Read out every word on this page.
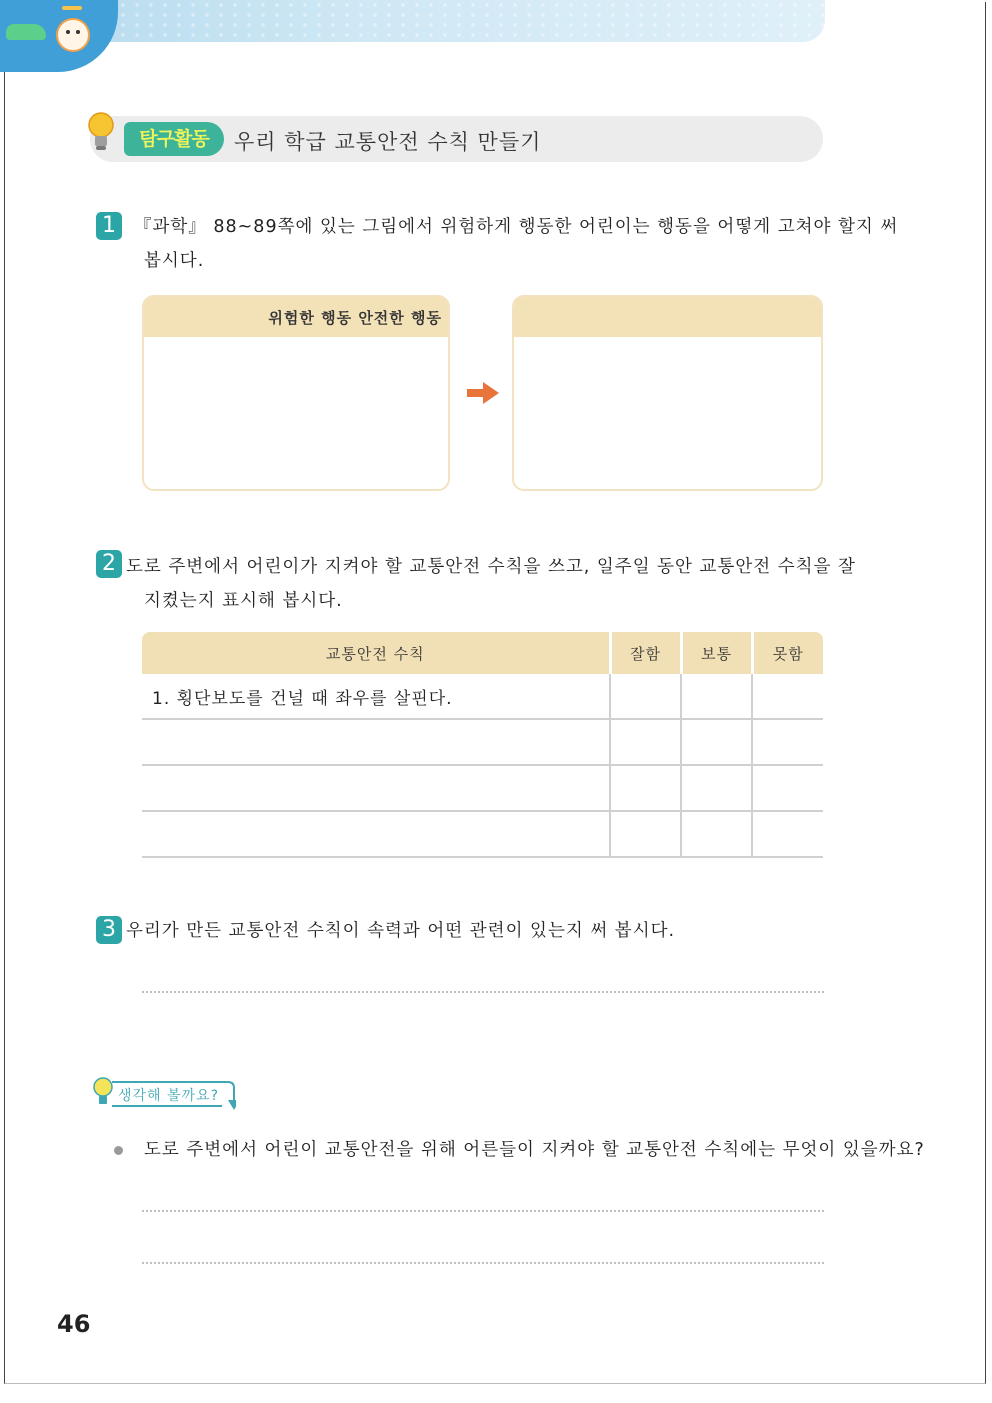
탐구활동	우리 학급 교통안전 수칙 만들기
1	『과학』 88~89쪽에 있는 그림에서 위험하게 행동한 어린이는 행동을 어떻게 고쳐야 할지 써
봅시다.
위험한 행동 안전한 행동
2 도로 주변에서 어린이가 지켜야 할 교통안전 수칙을 쓰고, 일주일 동안 교통안전 수칙을 잘
지켰는지 표시해 봅시다.
교통안전 수칙	잘함	보통	못함
1. 횡단보도를 건널 때 좌우를 살핀다.			

3 우리가 만든 교통안전 수칙이 속력과 어떤 관련이 있는지 써 봅시다.
생각해 볼까요?
도로 주변에서 어린이 교통안전을 위해 어른들이 지켜야 할 교통안전 수칙에는 무엇이 있을까요?
46
